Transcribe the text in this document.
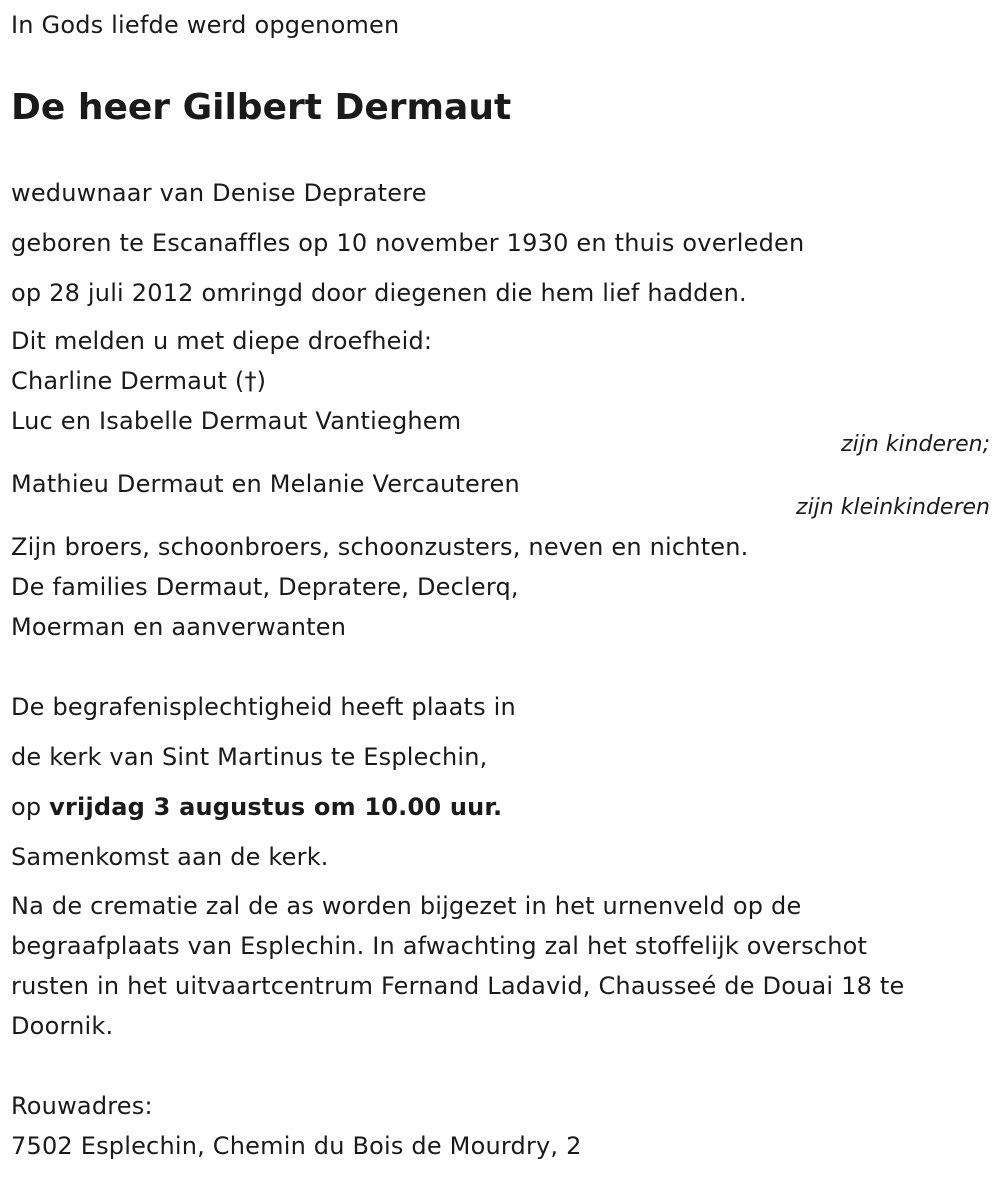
In Gods liefde werd opgenomen
De heer Gilbert Dermaut
weduwnaar van Denise Depratere
geboren te Escanaffles op 10 november 1930 en thuis overleden
op 28 juli 2012 omringd door diegenen die hem lief hadden.
Dit melden u met diepe droefheid:
Charline Dermaut (†)
Luc en Isabelle Dermaut Vantieghem
zijn kinderen;
Mathieu Dermaut en Melanie Vercauteren
zijn kleinkinderen
Zijn broers, schoonbroers, schoonzusters, neven en nichten.
De families Dermaut, Depratere, Declerq,
Moerman en aanverwanten
De begrafenisplechtigheid heeft plaats in
de kerk van Sint Martinus te Esplechin,
op vrijdag 3 augustus om 10.00 uur.
Samenkomst aan de kerk.
Na de crematie zal de as worden bijgezet in het urnenveld op de
begraafplaats van Esplechin. In afwachting zal het stoffelijk overschot
rusten in het uitvaartcentrum Fernand Ladavid, Chausseé de Douai 18 te
Doornik.
Rouwadres:
7502 Esplechin, Chemin du Bois de Mourdry, 2
